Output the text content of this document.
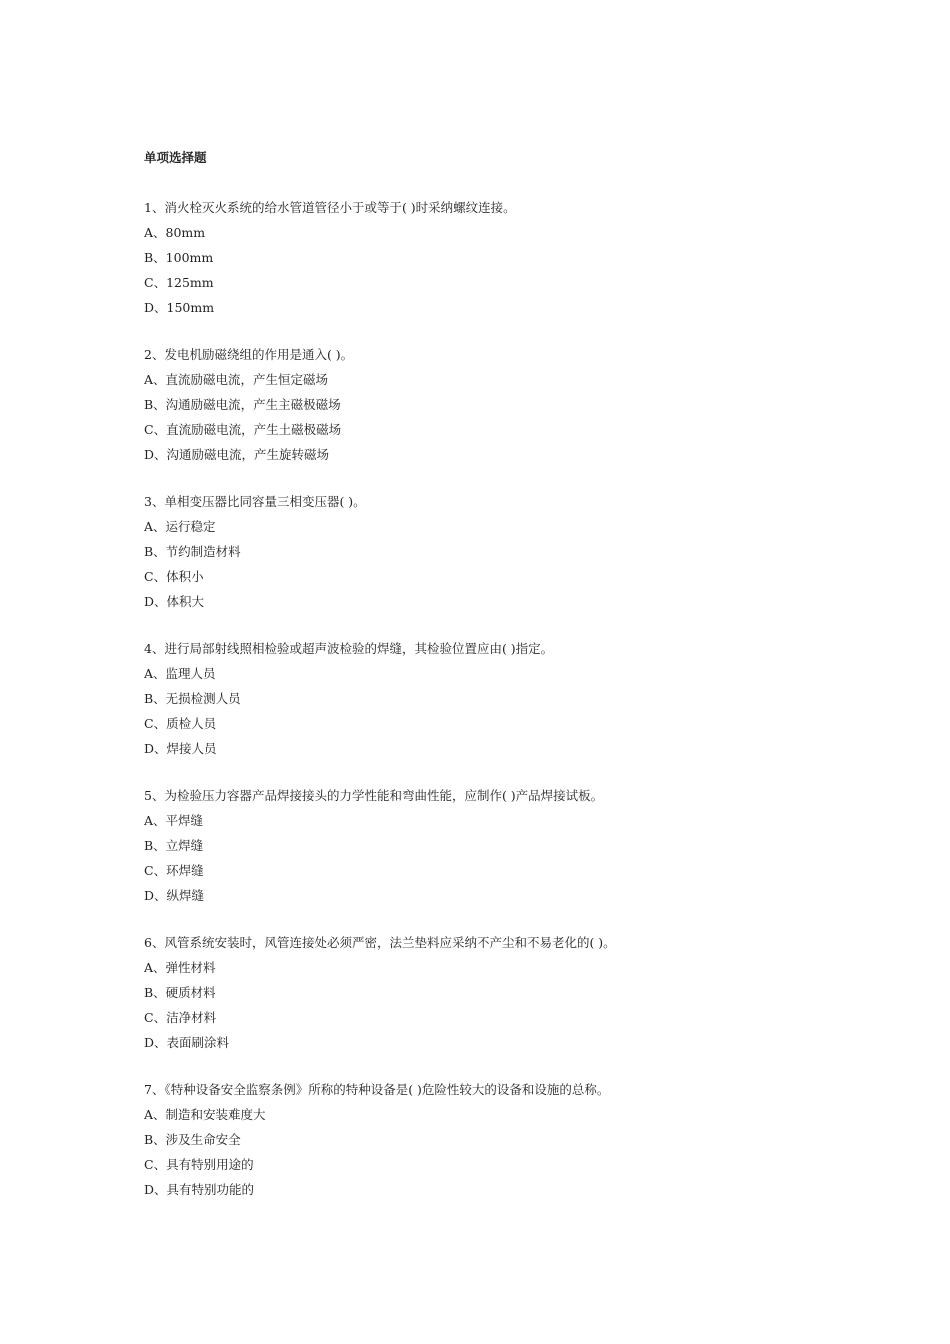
单项选择题
1、消火栓灭火系统的给水管道管径小于或等于( )时采纳螺纹连接。
A、80mm
B、100mm
C、125mm
D、150mm
2、发电机励磁绕组的作用是通入( )。
A、直流励磁电流，产生恒定磁场
B、沟通励磁电流，产生主磁极磁场
C、直流励磁电流，产生土磁极磁场
D、沟通励磁电流，产生旋转磁场
3、单相变压器比同容量三相变压器( )。
A、运行稳定
B、节约制造材料
C、体积小
D、体积大
4、进行局部射线照相检验或超声波检验的焊缝，其检验位置应由( )指定。
A、监理人员
B、无损检测人员
C、质检人员
D、焊接人员
5、为检验压力容器产品焊接接头的力学性能和弯曲性能，应制作( )产品焊接试板。
A、平焊缝
B、立焊缝
C、环焊缝
D、纵焊缝
6、风管系统安装时，风管连接处必须严密，法兰垫料应采纳不产尘和不易老化的( )。
A、弹性材料
B、硬质材料
C、洁净材料
D、表面刷涂料
7、《特种设备安全监察条例》所称的特种设备是( )危险性较大的设备和设施的总称。
A、制造和安装难度大
B、涉及生命安全
C、具有特别用途的
D、具有特别功能的
